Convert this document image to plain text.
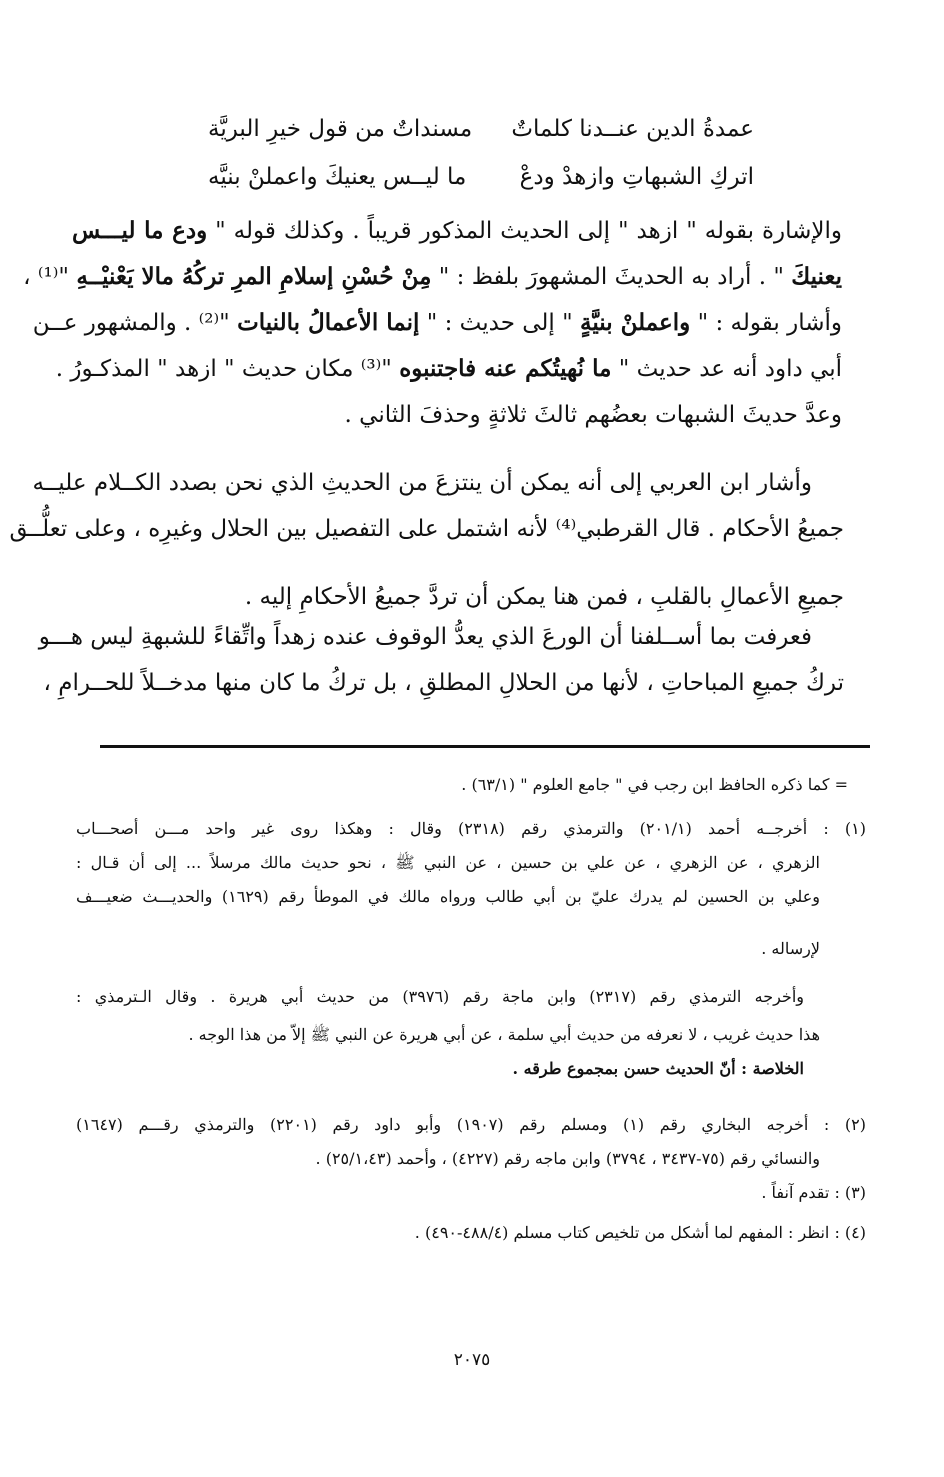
عمدةُ الدين عنــدنا كلماتٌ
مسنداتٌ من قول خيرِ البريَّة
اتركِ الشبهاتِ وازهدْ ودعْ
ما ليــس يعنيكَ واعملنْ بنيَّه
والإشارة بقوله " ازهد " إلى الحديث المذكور قريباً . وكذلك قوله " ودع ما ليـــس
يعنيكَ " . أراد به الحديثَ المشهورَ بلفظ : " مِنْ حُسْنِ إسلامِ المرِ تركُهُ مالا يَعْنيْــهِ "⁽¹⁾ ،
وأشار بقوله : " واعملنْ بنيَّةٍ " إلى حديث : " إنما الأعمالُ بالنيات "⁽²⁾ . والمشهور عــن
أبي داود أنه عد حديث " ما نُهيتُكم عنه فاجتنبوه "⁽³⁾ مكان حديث " ازهد " المذكـورُ .
وعدَّ حديثَ الشبهات بعضُهم ثالثَ ثلاثةٍ وحذفَ الثاني .
وأشار ابن العربي إلى أنه يمكن أن ينتزعَ من الحديثِ الذي نحن بصدد الكــلام عليــه
جميعُ الأحكام . قال القرطبي⁽⁴⁾ لأنه اشتمل على التفصيل بين الحلال وغيرِه ، وعلى تعلُّــق
جميعِ الأعمالِ بالقلبِ ، فمن هنا يمكن أن تردَّ جميعُ الأحكامِ إليه .
فعرفت بما أســلفنا أن الورعَ الذي يعدُّ الوقوف عنده زهداً واتِّقاءً للشبهةِ ليس هـــو
تركُ جميعِ المباحاتِ ، لأنها من الحلالِ المطلقِ ، بل تركُ ما كان منها مدخــلاً للحــرامِ ،
= كما ذكره الحافظ ابن رجب في " جامع العلوم " (٦٣/١) .
(١) : أخرجــه أحمد (٢٠١/١) والترمذي رقم (٢٣١٨) وقال : وهكذا روى غير واحد مـــن أصحـــاب
الزهري ، عن الزهري ، عن علي بن حسين ، عن النبي ﷺ ، نحو حديث مالك مرسلاً ... إلى أن قـال :
وعلي بن الحسين لم يدرك عليّ بن أبي طالب ورواه مالك في الموطأ رقم (١٦٢٩) والحديـــث ضعيـــف
لإرساله .
وأخرجه الترمذي رقم (٢٣١٧) وابن ماجة رقم (٣٩٧٦) من حديث أبي هريرة . وقال الـترمذي :
هذا حديث غريب ، لا نعرفه من حديث أبي سلمة ، عن أبي هريرة عن النبي ﷺ إلاّ من هذا الوجه .
الخلاصة : أنّ الحديث حسن بمجموع طرقه .
(٢) : أخرجه البخاري رقم (١) ومسلم رقم (١٩٠٧) وأبو داود رقم (٢٢٠١) والترمذي رقـــم (١٦٤٧)
والنسائي رقم (٧٥-٣٤٣٧ ، ٣٧٩٤) وابن ماجه رقم (٤٢٢٧) ، وأحمد (٢٥/١،٤٣) .
(٣) : تقدم آنفاً .
(٤) : انظر : المفهم لما أشكل من تلخيص كتاب مسلم (٤٨٨/٤-٤٩٠) .
٢٠٧٥
